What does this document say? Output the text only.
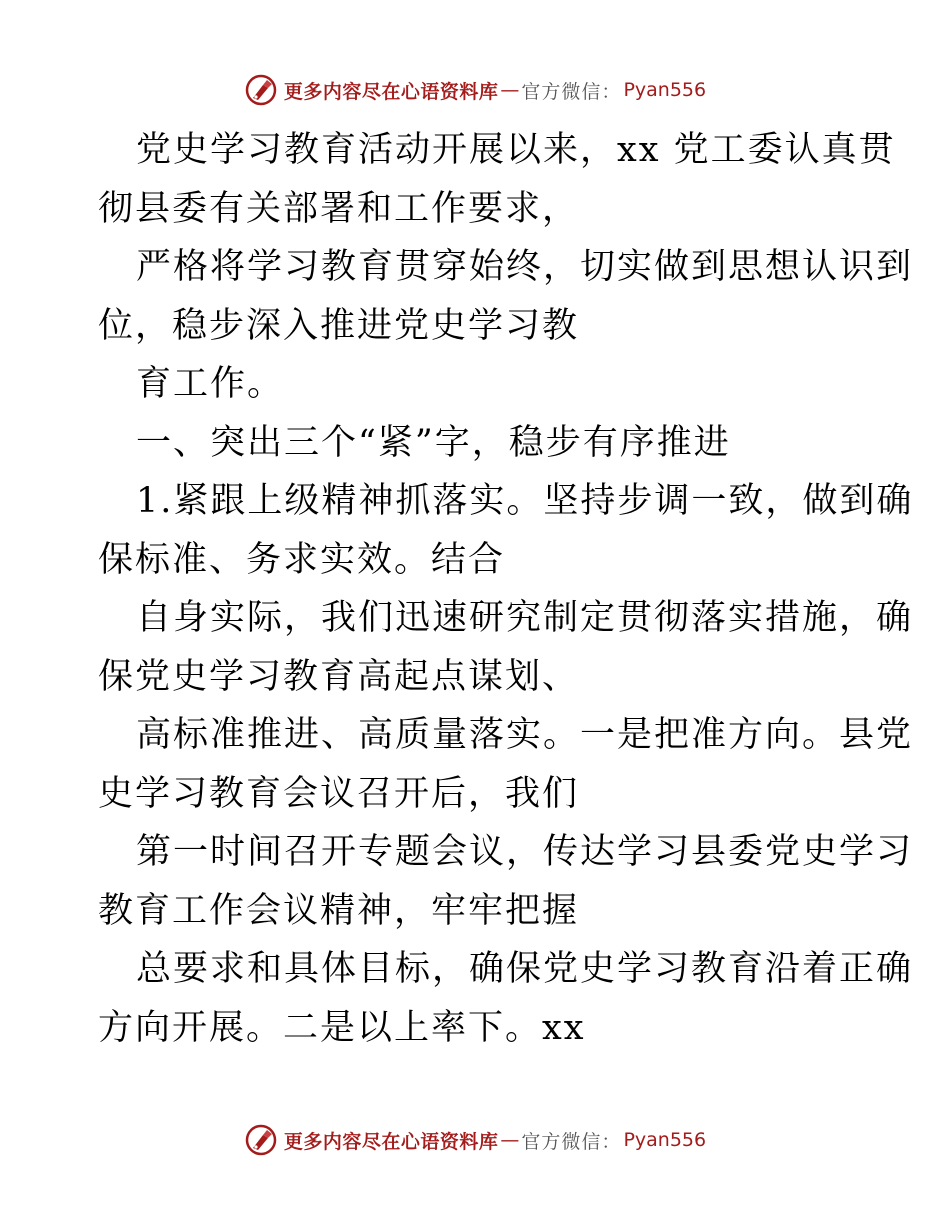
更多内容尽在心语资料库 — 官方微信： Pyan556
党史学习教育活动开展以来，xx 党工委认真贯
彻县委有关部署和工作要求，
严格将学习教育贯穿始终，切实做到思想认识到
位，稳步深入推进党史学习教
育工作。
一、突出三个“紧”字，稳步有序推进
1.紧跟上级精神抓落实。坚持步调一致，做到确
保标准、务求实效。结合
自身实际，我们迅速研究制定贯彻落实措施，确
保党史学习教育高起点谋划、
高标准推进、高质量落实。一是把准方向。县党
史学习教育会议召开后，我们
第一时间召开专题会议，传达学习县委党史学习
教育工作会议精神，牢牢把握
总要求和具体目标，确保党史学习教育沿着正确
方向开展。二是以上率下。xx
更多内容尽在心语资料库 — 官方微信： Pyan556
